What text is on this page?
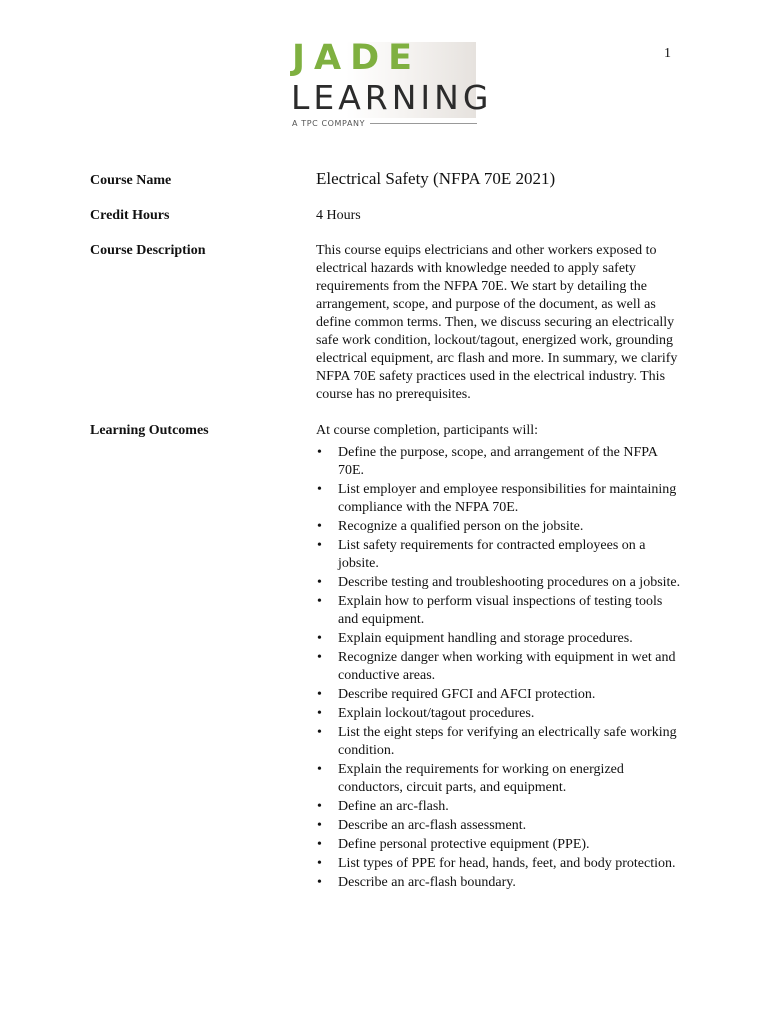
1
JADE
LEARNING
A TPC COMPANY
Course Name	Electrical Safety (NFPA 70E 2021)
Credit Hours	4 Hours
Course Description	This course equips electricians and other workers exposed to electrical hazards with knowledge needed to apply safety requirements from the NFPA 70E. We start by detailing the arrangement, scope, and purpose of the document, as well as define common terms. Then, we discuss securing an electrically safe work condition, lockout/tagout, energized work, grounding electrical equipment, arc flash and more. In summary, we clarify NFPA 70E safety practices used in the electrical industry. This course has no prerequisites.
Learning Outcomes	At course completion, participants will:
• Define the purpose, scope, and arrangement of the NFPA 70E.
• List employer and employee responsibilities for maintaining compliance with the NFPA 70E.
• Recognize a qualified person on the jobsite.
• List safety requirements for contracted employees on a jobsite.
• Describe testing and troubleshooting procedures on a jobsite.
• Explain how to perform visual inspections of testing tools and equipment.
• Explain equipment handling and storage procedures.
• Recognize danger when working with equipment in wet and conductive areas.
• Describe required GFCI and AFCI protection.
• Explain lockout/tagout procedures.
• List the eight steps for verifying an electrically safe working condition.
• Explain the requirements for working on energized conductors, circuit parts, and equipment.
• Define an arc-flash.
• Describe an arc-flash assessment.
• Define personal protective equipment (PPE).
• List types of PPE for head, hands, feet, and body protection.
• Describe an arc-flash boundary.
